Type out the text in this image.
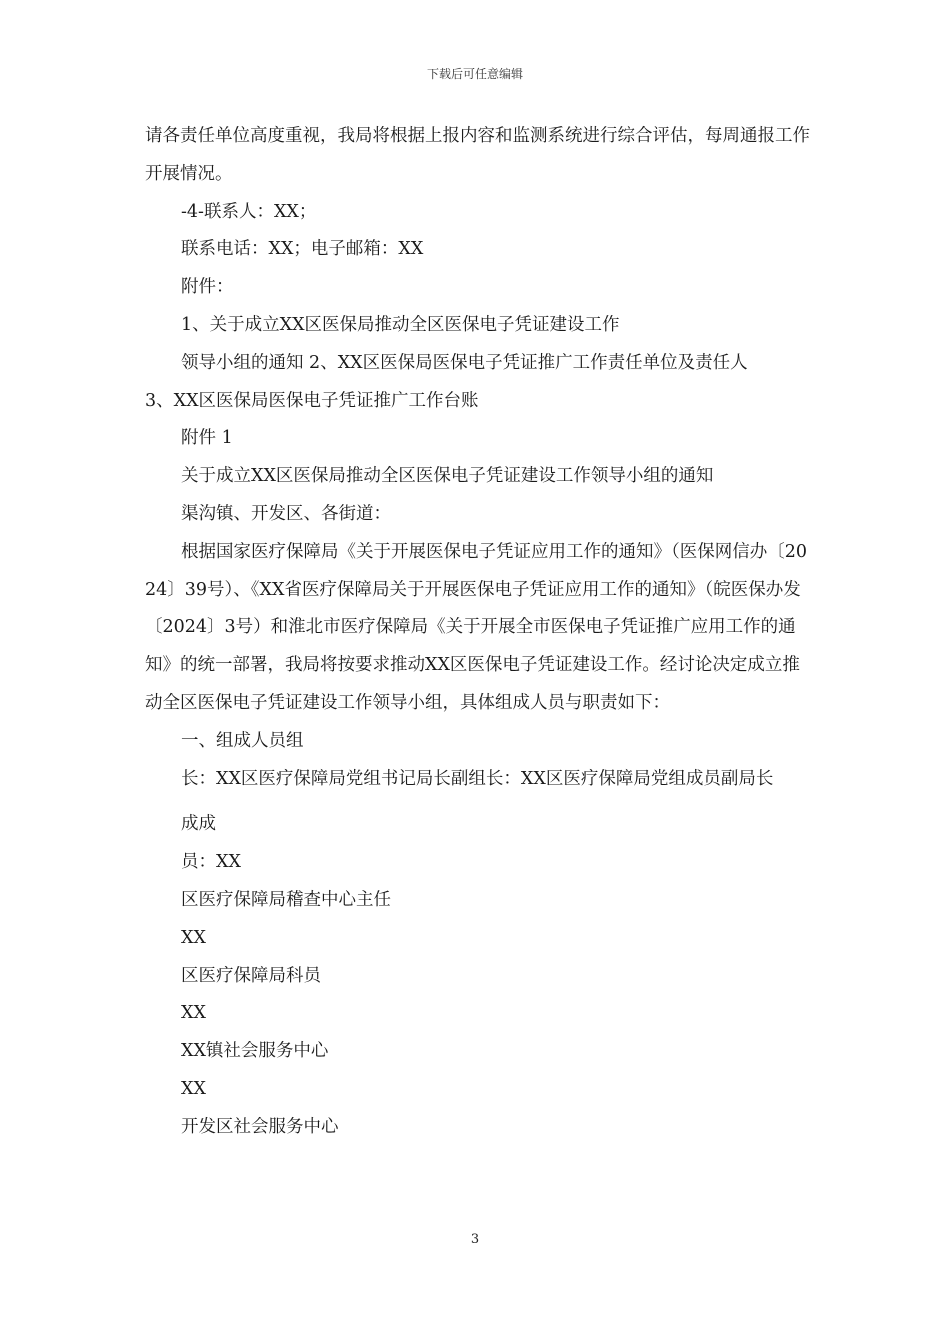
下载后可任意编辑

请各责任单位高度重视，我局将根据上报内容和监测系统进行综合评估，每周通报工作开展情况。

-4-联系人：XX；

联系电话：XX；电子邮箱：XX

附件：

1、关于成立XX区医保局推动全区医保电子凭证建设工作

领导小组的通知 2、XX区医保局医保电子凭证推广工作责任单位及责任人

3、XX区医保局医保电子凭证推广工作台账

附件 1

关于成立XX区医保局推动全区医保电子凭证建设工作领导小组的通知

渠沟镇、开发区、各街道：

根据国家医疗保障局《关于开展医保电子凭证应用工作的通知》（医保网信办〔2024〕39号）、《XX省医疗保障局关于开展医保电子凭证应用工作的通知》（皖医保办发〔2024〕3号）和淮北市医疗保障局《关于开展全市医保电子凭证推广应用工作的通知》的统一部署，我局将按要求推动XX区医保电子凭证建设工作。经讨论决定成立推动全区医保电子凭证建设工作领导小组，具体组成人员与职责如下：

一、组成人员组

长：XX区医疗保障局党组书记局长副组长：XX区医疗保障局党组成员副局长

成成

员：XX

区医疗保障局稽查中心主任

XX

区医疗保障局科员

XX

XX镇社会服务中心

XX

开发区社会服务中心

3
